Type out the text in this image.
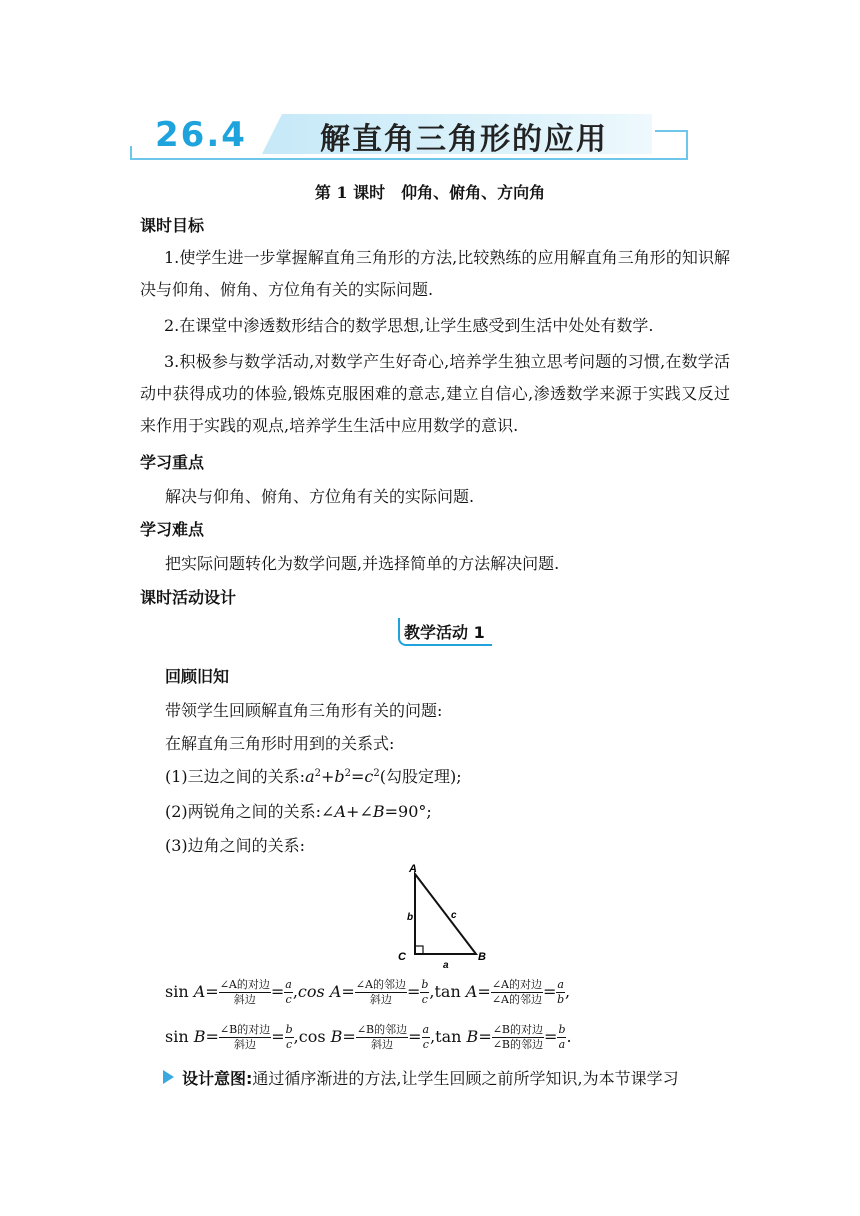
26.4 解直角三角形的应用
第 1 课时　仰角、俯角、方向角
课时目标
1.使学生进一步掌握解直角三角形的方法,比较熟练的应用解直角三角形的知识解决与仰角、俯角、方位角有关的实际问题.
2.在课堂中渗透数形结合的数学思想,让学生感受到生活中处处有数学.
3.积极参与数学活动,对数学产生好奇心,培养学生独立思考问题的习惯,在数学活动中获得成功的体验,锻炼克服困难的意志,建立自信心,渗透数学来源于实践又反过来作用于实践的观点,培养学生生活中应用数学的意识.
学习重点
解决与仰角、俯角、方位角有关的实际问题.
学习难点
把实际问题转化为数学问题,并选择简单的方法解决问题.
课时活动设计
教学活动 1
回顾旧知
带领学生回顾解直角三角形有关的问题:
在解直角三角形时用到的关系式:
(1)三边之间的关系$:a^2+b^2=c^2$(勾股定理);
(2)两锐角之间的关系:∠A+∠B=90°;
(3)边角之间的关系:
A
C	B
b	c
a
$\sin A= \frac{\text{∠A的对边}}{\text{斜边}} = \frac{a}{c} ,\cos$ $A= \frac{\text{∠A的邻边}}{\text{斜边}} = \frac{b}{c} ,\tan$ $A= \frac{\text{∠A的对边}}{\text{∠A的邻边}} = \frac{a}{b}$ ,
$\sin B= \frac{\text{∠B的对边}}{\text{斜边}} = \frac{b}{c} ,\cos$ $B= \frac{\text{∠B的邻边}}{\text{斜边}} = \frac{a}{c} ,\tan$ $B= \frac{\text{∠B的对边}}{\text{∠B的邻边}} = \frac{b}{a}$ .
设计意图:通过循序渐进的方法,让学生回顾之前所学知识,为本节课学习
